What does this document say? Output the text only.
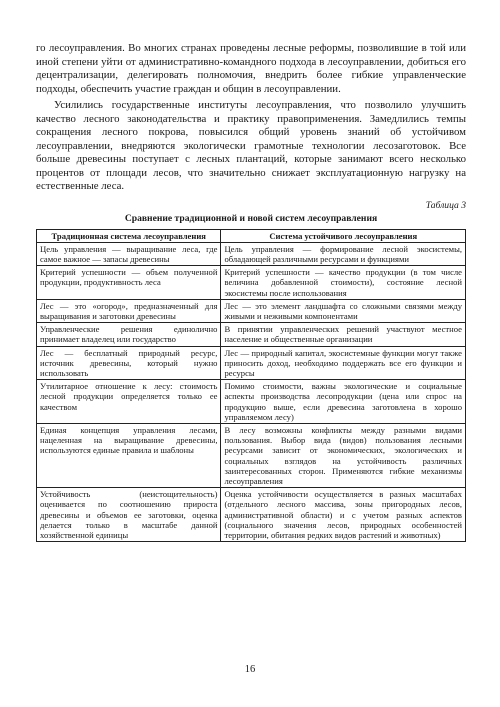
го лесоуправления. Во многих странах проведены лесные реформы, позволившие в той или иной степени уйти от административно-командного подхода в лесоуправлении, добиться его децентрализации, делегировать полномочия, внедрить более гибкие управленческие подходы, обеспечить участие граждан и общин в лесоуправлении.

Усилились государственные институты лесоуправления, что позволило улучшить качество лесного законодательства и практику правоприменения. Замедлились темпы сокращения лесного покрова, повысился общий уровень знаний об устойчивом лесоуправлении, внедряются экологически грамотные технологии лесозаготовок. Все больше древесины поступает с лесных плантаций, которые занимают всего несколько процентов от площади лесов, что значительно снижает эксплуатационную нагрузку на естественные леса.

Таблица 3

Сравнение традиционной и новой систем лесоуправления

Традиционная система лесоуправления	Система устойчивого лесоуправления
Цель управления — выращивание леса, где самое важное — запасы древесины	Цель управления — формирование лесной экосистемы, обладающей различными ресурсами и функциями
Критерий успешности — объем полученной продукции, продуктивность леса	Критерий успешности — качество продукции (в том числе величина добавленной стоимости), состояние лесной экосистемы после использования
Лес — это «огород», предназначенный для выращивания и заготовки древесины	Лес — это элемент ландшафта со сложными связями между живыми и неживыми компонентами
Управленческие решения единолично принимает владелец или государство	В принятии управленческих решений участвуют местное население и общественные организации
Лес — бесплатный природный ресурс, источник древесины, который нужно использовать	Лес — природный капитал, экосистемные функции могут также приносить доход, необходимо поддержать все его функции и ресурсы
Утилитарное отношение к лесу: стоимость лесной продукции определяется только ее качеством	Помимо стоимости, важны экологические и социальные аспекты производства лесопродукции (цена или спрос на продукцию выше, если древесина заготовлена в хорошо управляемом лесу)
Единая концепция управления лесами, нацеленная на выращивание древесины, используются единые правила и шаблоны	В лесу возможны конфликты между разными видами пользования. Выбор вида (видов) пользования лесными ресурсами зависит от экономических, экологических и социальных взглядов на устойчивость различных заинтересованных сторон. Применяются гибкие механизмы лесоуправления
Устойчивость (неистощительность) оценивается по соотношению прироста древесины и объемов ее заготовки, оценка делается только в масштабе данной хозяйственной единицы	Оценка устойчивости осуществляется в разных масштабах (отдельного лесного массива, зоны пригородных лесов, административной области) и с учетом разных аспектов (социального значения лесов, природных особенностей территории, обитания редких видов растений и животных)
16
